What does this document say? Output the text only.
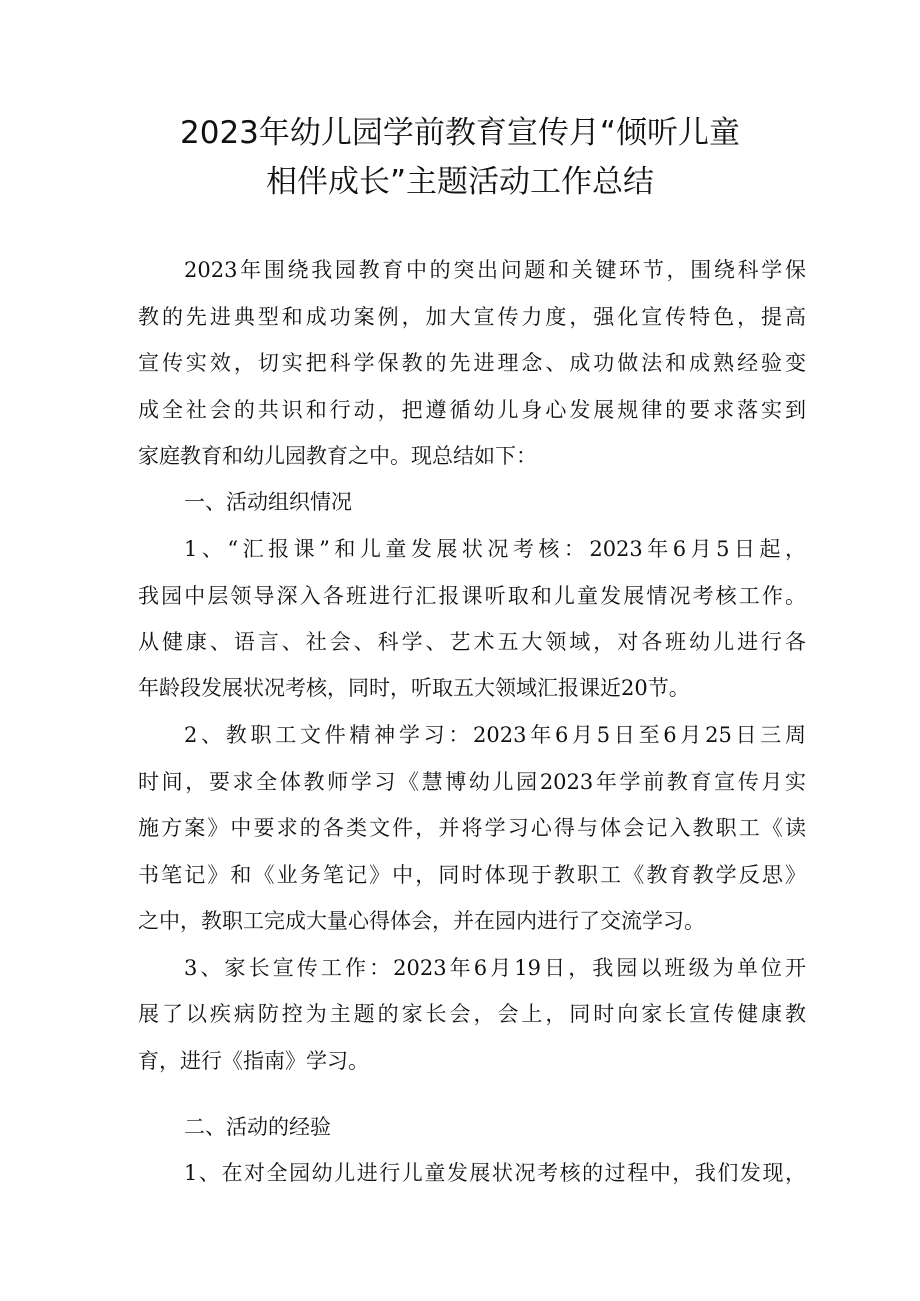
2023年幼儿园学前教育宣传月“倾听儿童
相伴成长”主题活动工作总结
2023年围绕我园教育中的突出问题和关键环节，围绕科学保
教的先进典型和成功案例，加大宣传力度，强化宣传特色，提高
宣传实效，切实把科学保教的先进理念、成功做法和成熟经验变
成全社会的共识和行动，把遵循幼儿身心发展规律的要求落实到
家庭教育和幼儿园教育之中。现总结如下：
一、活动组织情况
1、“汇报课”和儿童发展状况考核：2023年6月5日起，
我园中层领导深入各班进行汇报课听取和儿童发展情况考核工作。
从健康、语言、社会、科学、艺术五大领域，对各班幼儿进行各
年龄段发展状况考核，同时，听取五大领域汇报课近20节。
2、教职工文件精神学习：2023年6月5日至6月25日三周
时间，要求全体教师学习《慧博幼儿园2023年学前教育宣传月实
施方案》中要求的各类文件，并将学习心得与体会记入教职工《读
书笔记》和《业务笔记》中，同时体现于教职工《教育教学反思》
之中，教职工完成大量心得体会，并在园内进行了交流学习。
3、家长宣传工作：2023年6月19日，我园以班级为单位开
展了以疾病防控为主题的家长会，会上，同时向家长宣传健康教
育，进行《指南》学习。
二、活动的经验
1、在对全园幼儿进行儿童发展状况考核的过程中，我们发现，
